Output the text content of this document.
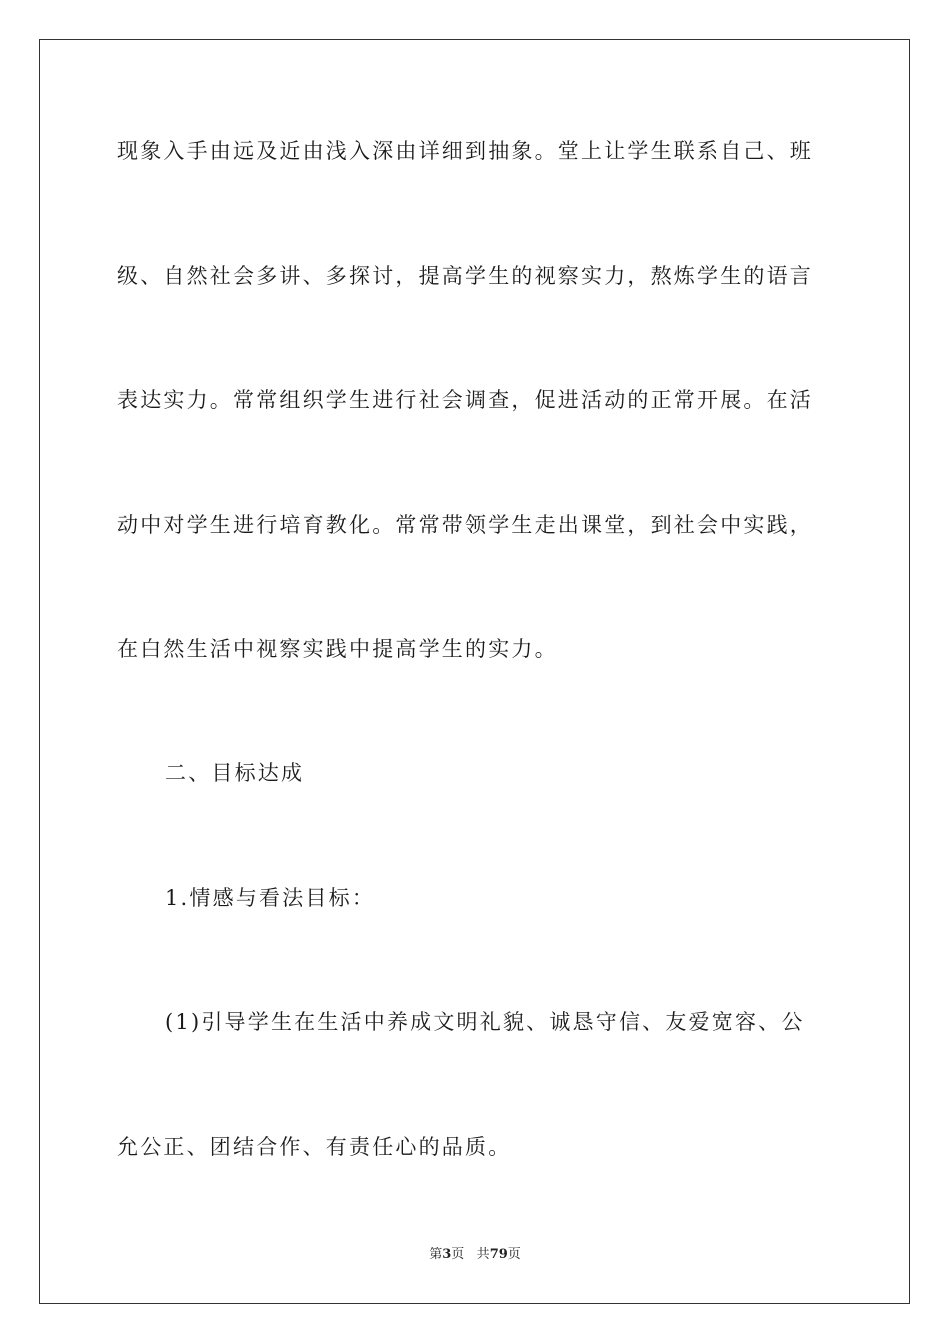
现象入手由远及近由浅入深由详细到抽象。堂上让学生联系自己、班
级、自然社会多讲、多探讨，提高学生的视察实力，熬炼学生的语言
表达实力。常常组织学生进行社会调查，促进活动的正常开展。在活
动中对学生进行培育教化。常常带领学生走出课堂，到社会中实践，
在白然生活中视察实践中提高学生的实力。
二、目标达成
1.情感与看法目标：
(1)引导学生在生活中养成文明礼貌、诚恳守信、友爱宽容、公
允公正、团结合作、有责任心的品质。
第3页 共79页
